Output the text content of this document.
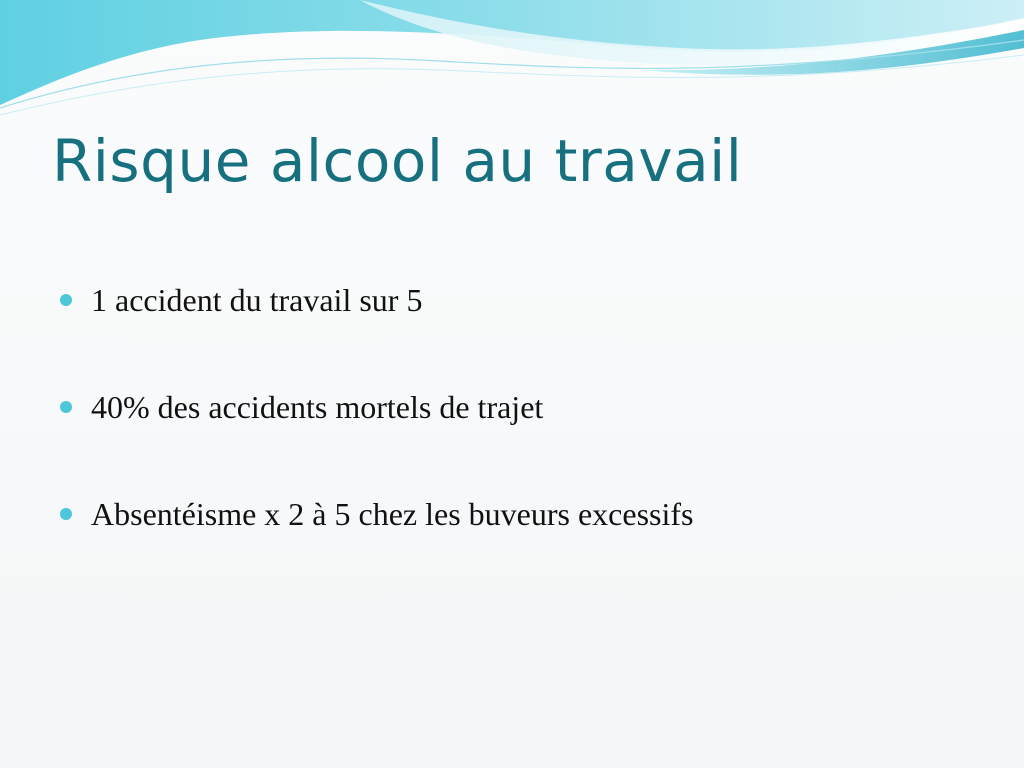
Risque alcool au travail
1 accident du travail sur 5
40% des accidents mortels de trajet
Absentéisme x 2 à 5 chez les buveurs excessifs
